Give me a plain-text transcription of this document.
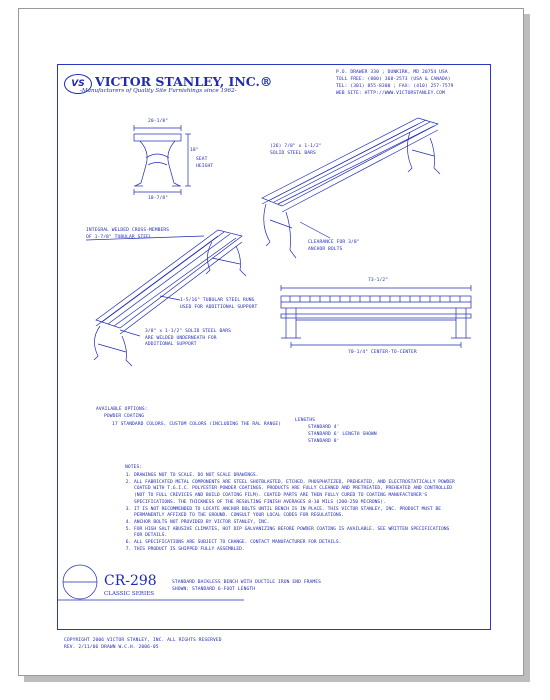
VS VICTOR STANLEY, INC.®
-Manufacturers of Quality Site Furnishings since 1962-
P.O. DRAWER 330 ; DUNKIRK, MD 20754 USA
TOLL FREE: (800) 368-2573 (USA & CANADA)
TEL: (301) 855-8300 ; FAX: (410) 257-7579
WEB SITE: HTTP://WWW.VICTORSTANLEY.COM
20-1/8"
18-7/8"
SEAT
HEIGHT
18"
73-1/2"
70-1/4" CENTER-TO-CENTER
(26) 7/8" x 1-1/2"
SOLID STEEL BARS
INTEGRAL WELDED CROSS-MEMBERS
OF 1-7/8" TUBULAR STEEL
CLEARANCE FOR 3/8"
ANCHOR BOLTS
1-5/16" TUBULAR STEEL RUNG
USED FOR ADDITIONAL SUPPORT
3/8" x 1-1/2" SOLID STEEL BARS
ARE WELDED UNDERNEATH FOR
ADDITIONAL SUPPORT
AVAILABLE OPTIONS:
POWDER COATING
17 STANDARD COLORS, CUSTOM COLORS (INCLUDING THE RAL RANGE)
LENGTHS
STANDARD 4'
STANDARD 6' LENGTH SHOWN
STANDARD 8'
NOTES:
1. DRAWINGS NOT TO SCALE. DO NOT SCALE DRAWINGS.
2. ALL FABRICATED METAL COMPONENTS ARE STEEL SHOTBLASTED, ETCHED, PHOSPHATIZED, PREHEATED, AND ELECTROSTATICALLY POWDER COATED WITH T.G.I.C. POLYESTER POWDER COATINGS. PRODUCTS ARE FULLY CLEANED AND PRETREATED, PREHEATED AND CONTROLLED (NOT TO FULL CREVICES AND BUILD COATING FILM). COATED PARTS ARE THEN FULLY CURED TO COATING MANUFACTURER'S SPECIFICATIONS. THE THICKNESS OF THE RESULTING FINISH AVERAGES 8-10 MILS (200-250 MICRONS).
3. IT IS NOT RECOMMENDED TO LOCATE ANCHOR BOLTS UNTIL BENCH IS IN PLACE. THIS VICTOR STANLEY, INC. PRODUCT MUST BE PERMANENTLY AFFIXED TO THE GROUND. CONSULT YOUR LOCAL CODES FOR REGULATIONS.
4. ANCHOR BOLTS NOT PROVIDED BY VICTOR STANLEY, INC.
5. FOR HIGH SALT ABUSIVE CLIMATES, HOT DIP GALVANIZING BEFORE POWDER COATING IS AVAILABLE. SEE WRITTEN SPECIFICATIONS FOR DETAILS.
6. ALL SPECIFICATIONS ARE SUBJECT TO CHANGE. CONTACT MANUFACTURER FOR DETAILS.
7. THIS PRODUCT IS SHIPPED FULLY ASSEMBLED.
CR-298
CLASSIC SERIES
STANDARD BACKLESS BENCH WITH DUCTILE IRON END FRAMES
SHOWN: STANDARD 6-FOOT LENGTH
COPYRIGHT 2006 VICTOR STANLEY, INC. ALL RIGHTS RESERVED
REV. 2/11/06 DRAWN W.C.H. 2006-05
